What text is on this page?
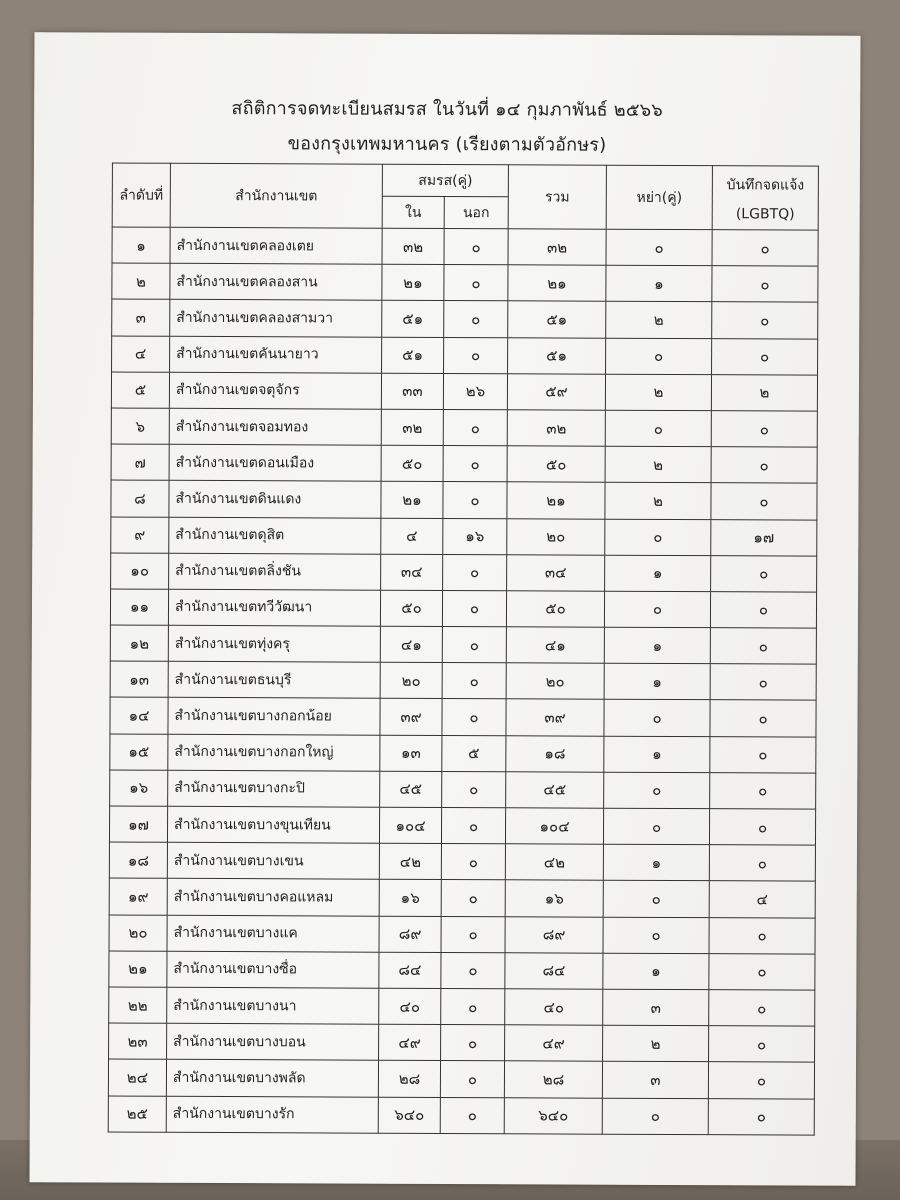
สถิติการจดทะเบียนสมรส ในวันที่ ๑๔ กุมภาพันธ์ ๒๕๖๖
ของกรุงเทพมหานคร (เรียงตามตัวอักษร)
ลำดับที่	สำนักงานเขต	สมรส(คู่)		รวม	หย่า(คู่)	บันทึกจดแจ้ง
(LGBTQ)

		ใน	นอก			
๑	สำนักงานเขตคลองเตย	๓๒	๐	๓๒	๐	๐
๒	สำนักงานเขตคลองสาน	๒๑	๐	๒๑	๑	๐
๓	สำนักงานเขตคลองสามวา	๕๑	๐	๕๑	๒	๐
๔	สำนักงานเขตคันนายาว	๕๑	๐	๕๑	๐	๐
๕	สำนักงานเขตจตุจักร	๓๓	๒๖	๕๙	๒	๒
๖	สำนักงานเขตจอมทอง	๓๒	๐	๓๒	๐	๐
๗	สำนักงานเขตดอนเมือง	๕๐	๐	๕๐	๒	๐
๘	สำนักงานเขตดินแดง	๒๑	๐	๒๑	๒	๐
๙	สำนักงานเขตดุสิต	๔	๑๖	๒๐	๐	๑๗
๑๐	สำนักงานเขตตลิ่งชัน	๓๔	๐	๓๔	๑	๐
๑๑	สำนักงานเขตทวีวัฒนา	๕๐	๐	๕๐	๐	๐
๑๒	สำนักงานเขตทุ่งครุ	๔๑	๐	๔๑	๑	๐
๑๓	สำนักงานเขตธนบุรี	๒๐	๐	๒๐	๑	๐
๑๔	สำนักงานเขตบางกอกน้อย	๓๙	๐	๓๙	๐	๐
๑๕	สำนักงานเขตบางกอกใหญ่	๑๓	๕	๑๘	๑	๐
๑๖	สำนักงานเขตบางกะปิ	๔๕	๐	๔๕	๐	๐
๑๗	สำนักงานเขตบางขุนเทียน	๑๐๔	๐	๑๐๔	๐	๐
๑๘	สำนักงานเขตบางเขน	๔๒	๐	๔๒	๑	๐
๑๙	สำนักงานเขตบางคอแหลม	๑๖	๐	๑๖	๐	๔
๒๐	สำนักงานเขตบางแค	๘๙	๐	๘๙	๐	๐
๒๑	สำนักงานเขตบางซื่อ	๘๔	๐	๘๔	๑	๐
๒๒	สำนักงานเขตบางนา	๔๐	๐	๔๐	๓	๐
๒๓	สำนักงานเขตบางบอน	๔๙	๐	๔๙	๒	๐
๒๔	สำนักงานเขตบางพลัด	๒๘	๐	๒๘	๓	๐
๒๕	สำนักงานเขตบางรัก	๖๔๐	๐	๖๔๐	๐	๐
